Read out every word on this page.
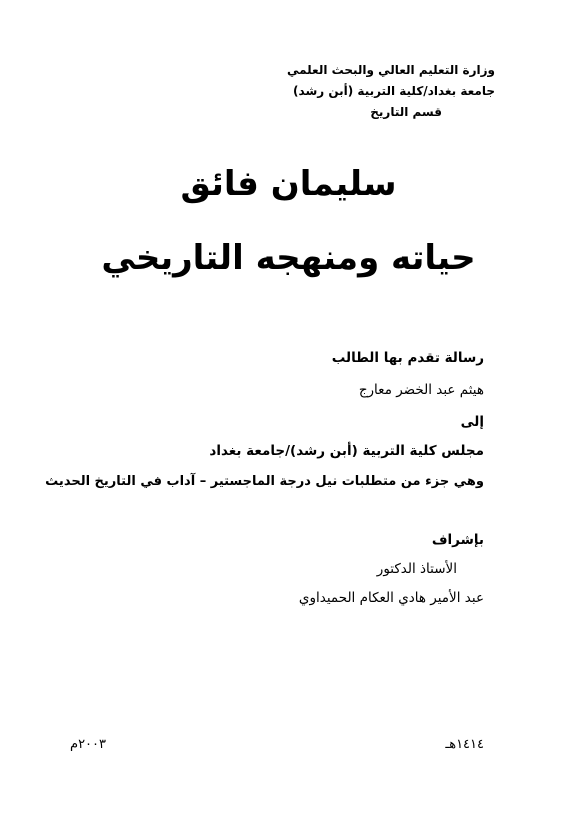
وزارة التعليم العالي والبحث العلمي
جامعة بغداد/كلية التربية (أبن رشد)
قسم التاريخ
سليمان فائق
حياته ومنهجه التاريخي
رسالة تقدم بها الطالب
هيثم عبد الخضر معارج
إلى
مجلس كلية التربية (أبن رشد)/جامعة بغداد
وهي جزء من متطلبات نيل درجة الماجستير – آداب في التاريخ الحديث
بإشراف
الأستاذ الدكتور
عبد الأمير هادي العكام الحميداوي
١٤١٤هـ
٢٠٠٣م
